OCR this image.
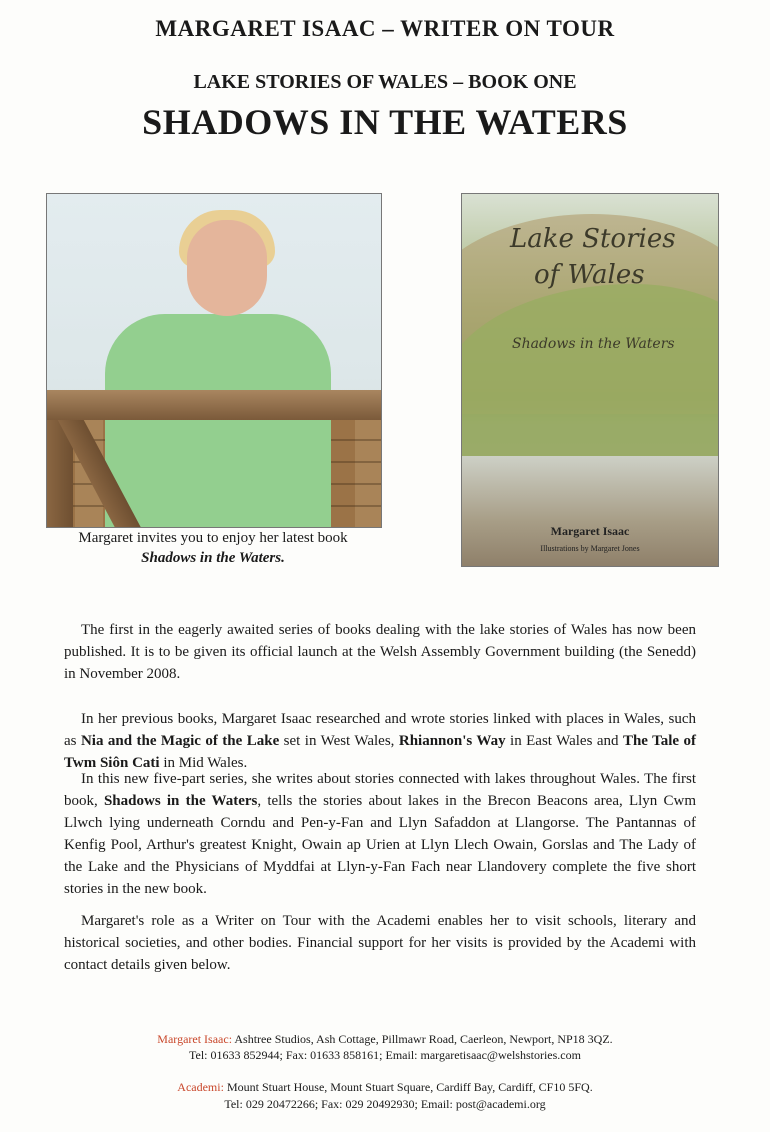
MARGARET ISAAC – WRITER ON TOUR
LAKE STORIES OF WALES – BOOK ONE
SHADOWS IN THE WATERS
Margaret invites you to enjoy her latest book
Shadows in the Waters.
Lake Stories
of Wales
Shadows in the Waters
Margaret Isaac
Illustrations by Margaret Jones
The first in the eagerly awaited series of books dealing with the lake stories of Wales has now been published. It is to be given its official launch at the Welsh Assembly Government building (the Senedd) in November 2008.
In her previous books, Margaret Isaac researched and wrote stories linked with places in Wales, such as Nia and the Magic of the Lake set in West Wales, Rhiannon's Way in East Wales and The Tale of Twm Siôn Cati in Mid Wales.
In this new five-part series, she writes about stories connected with lakes throughout Wales. The first book, Shadows in the Waters, tells the stories about lakes in the Brecon Beacons area, Llyn Cwm Llwch lying underneath Corndu and Pen-y-Fan and Llyn Safaddon at Llangorse. The Pantannas of Kenfig Pool, Arthur's greatest Knight, Owain ap Urien at Llyn Llech Owain, Gorslas and The Lady of the Lake and the Physicians of Myddfai at Llyn-y-Fan Fach near Llandovery complete the five short stories in the new book.
Margaret's role as a Writer on Tour with the Academi enables her to visit schools, literary and historical societies, and other bodies. Financial support for her visits is provided by the Academi with contact details given below.
Margaret Isaac: Ashtree Studios, Ash Cottage, Pillmawr Road, Caerleon, Newport, NP18 3QZ.
Tel: 01633 852944; Fax: 01633 858161; Email: margaretisaac@welshstories.com
Academi: Mount Stuart House, Mount Stuart Square, Cardiff Bay, Cardiff, CF10 5FQ.
Tel: 029 20472266; Fax: 029 20492930; Email: post@academi.org
